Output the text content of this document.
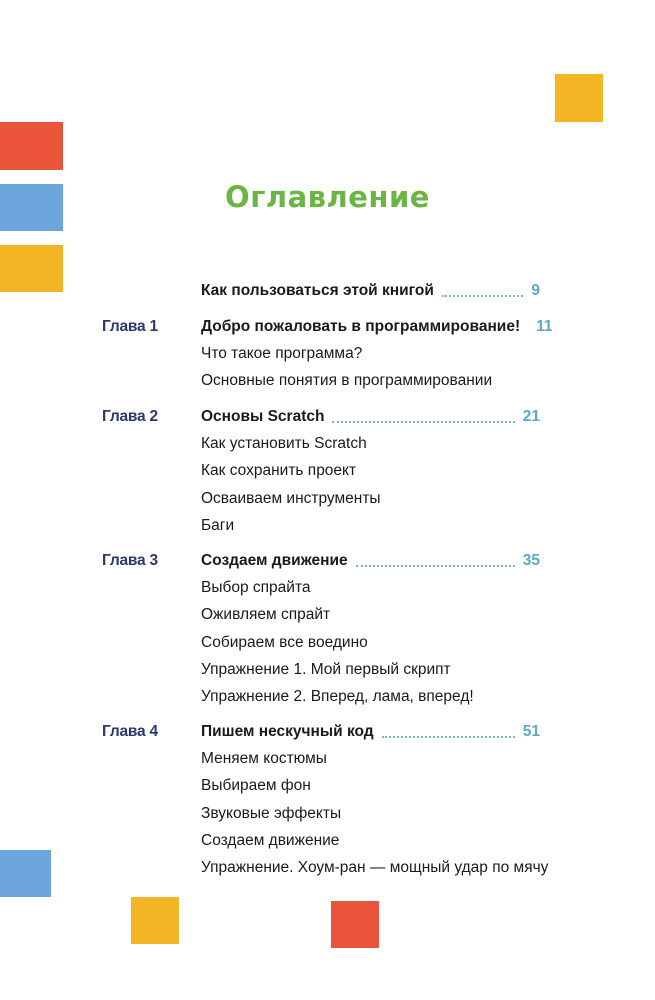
Оглавление
Как пользоваться этой книгой	9
Глава 1	Добро пожаловать в программирование! 11
Что такое программа?
Основные понятия в программировании
Глава 2	Основы Scratch	21
Как установить Scratch
Как сохранить проект
Осваиваем инструменты
Баги
Глава 3	Создаем движение	35
Выбор спрайта
Оживляем спрайт
Собираем все воедино
Упражнение 1. Мой первый скрипт
Упражнение 2. Вперед, лама, вперед!
Глава 4	Пишем нескучный код	51
Меняем костюмы
Выбираем фон
Звуковые эффекты
Создаем движение
Упражнение. Хоум-ран — мощный удар по мячу
